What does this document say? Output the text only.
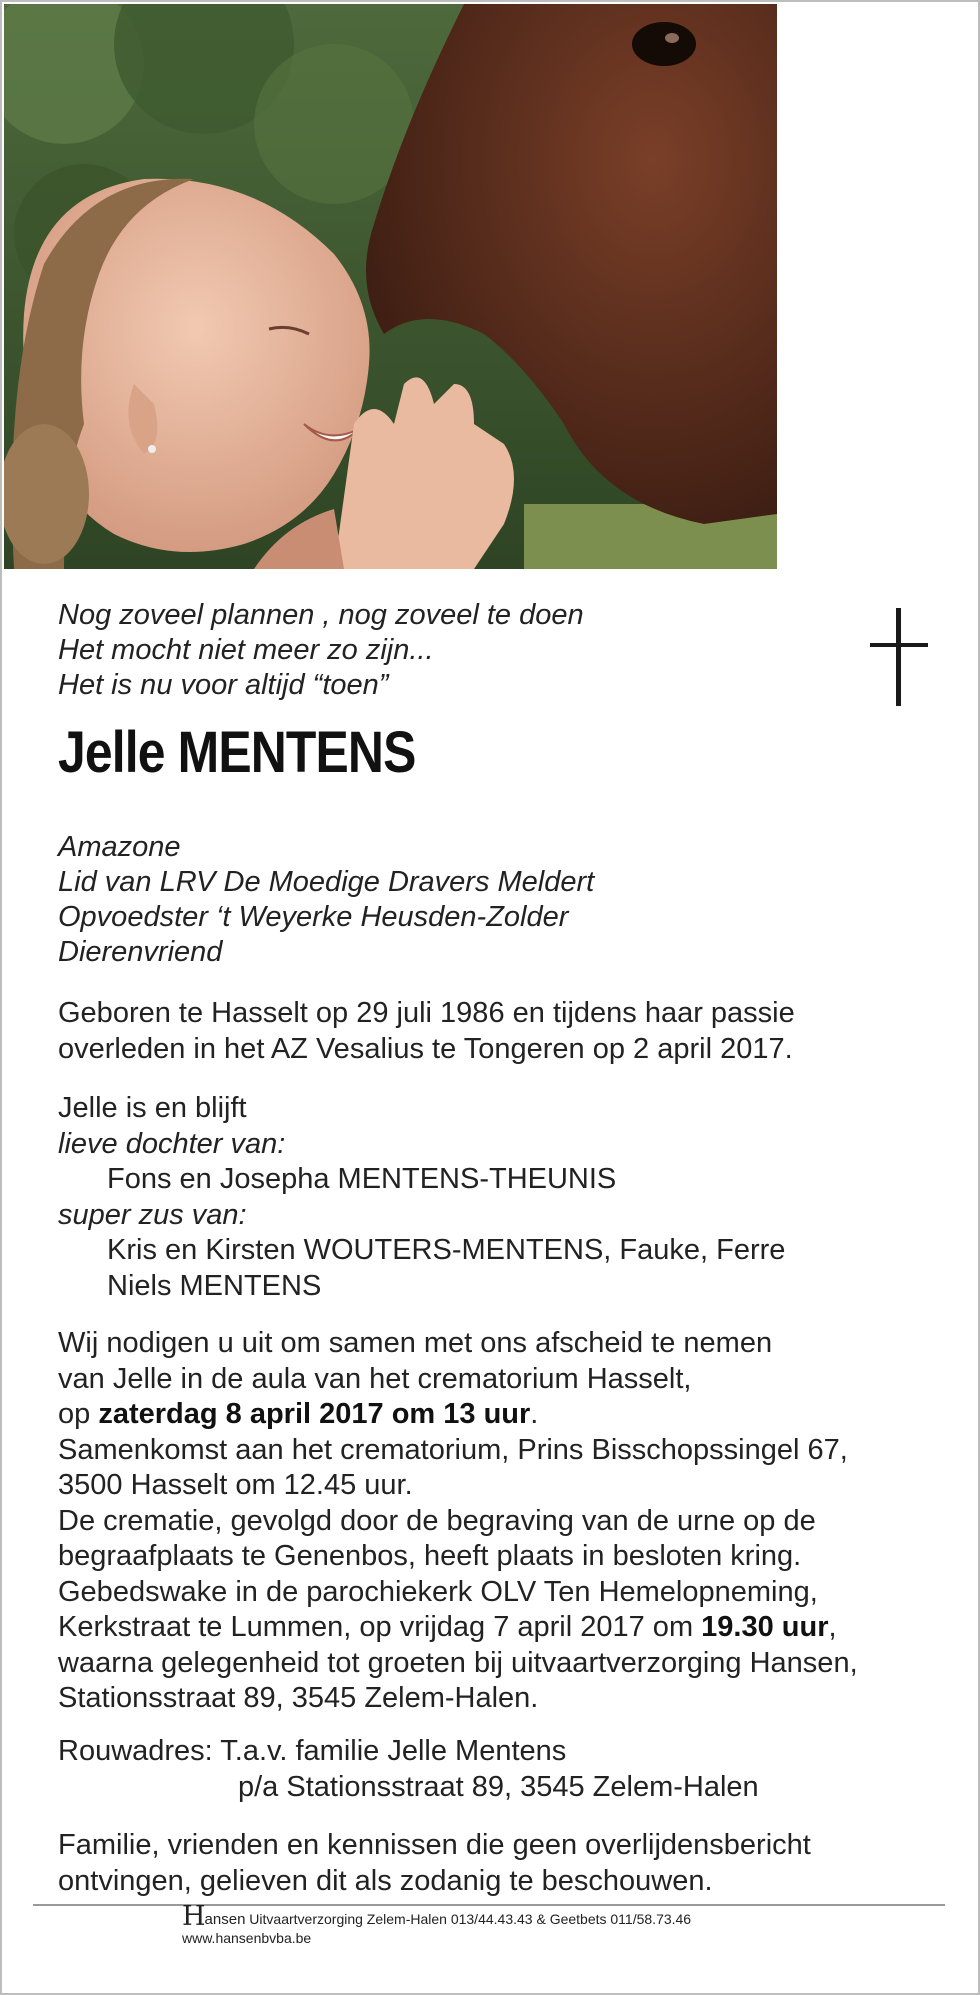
Nog zoveel plannen , nog zoveel te doen
Het mocht niet meer zo zijn...
Het is nu voor altijd “toen”
Jelle MENTENS
Amazone
Lid van LRV De Moedige Dravers Meldert
Opvoedster ‘t Weyerke Heusden-Zolder
Dierenvriend
Geboren te Hasselt op 29 juli 1986 en tijdens haar passie
overleden in het AZ Vesalius te Tongeren op 2 april 2017.
Jelle is en blijft
lieve dochter van:
Fons en Josepha MENTENS-THEUNIS
super zus van:
Kris en Kirsten WOUTERS-MENTENS, Fauke, Ferre
Niels MENTENS
Wij nodigen u uit om samen met ons afscheid te nemen
van Jelle in de aula van het crematorium Hasselt,
op zaterdag 8 april 2017 om 13 uur.
Samenkomst aan het crematorium, Prins Bisschopssingel 67,
3500 Hasselt om 12.45 uur.
De crematie, gevolgd door de begraving van de urne op de
begraafplaats te Genenbos, heeft plaats in besloten kring.
Gebedswake in de parochiekerk OLV Ten Hemelopneming,
Kerkstraat te Lummen, op vrijdag 7 april 2017 om 19.30 uur,
waarna gelegenheid tot groeten bij uitvaartverzorging Hansen,
Stationsstraat 89, 3545 Zelem-Halen.
Rouwadres: T.a.v. familie Jelle Mentens
p/a Stationsstraat 89, 3545 Zelem-Halen
Familie, vrienden en kennissen die geen overlijdensbericht
ontvingen, gelieven dit als zodanig te beschouwen.
Hansen Uitvaartverzorging Zelem-Halen 013/44.43.43 & Geetbets 011/58.73.46
www.hansenbvba.be
